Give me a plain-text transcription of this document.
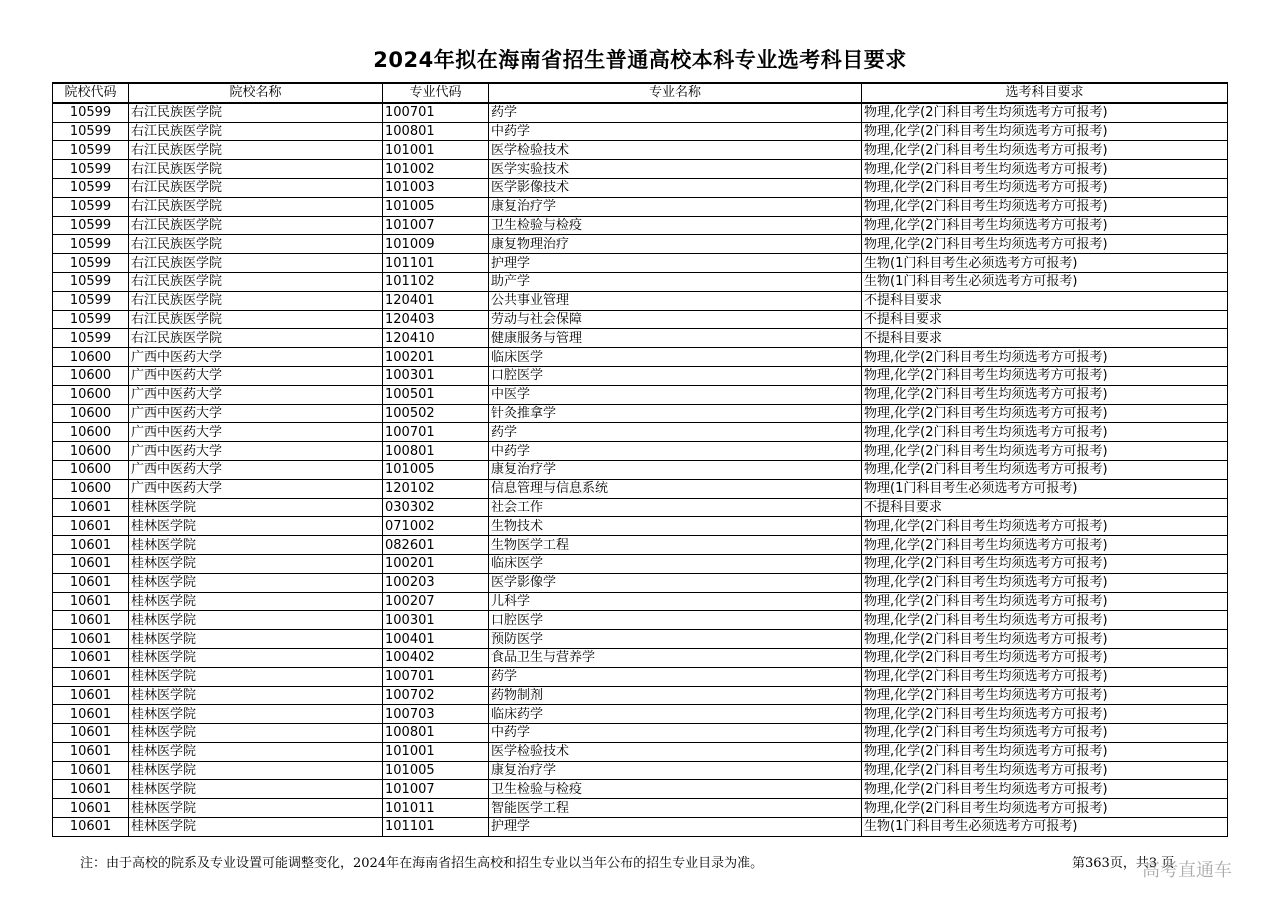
2024年拟在海南省招生普通高校本科专业选考科目要求
院校代码	院校名称	专业代码	专业名称	选考科目要求
10599	右江民族医学院	100701	药学	物理,化学(2门科目考生均须选考方可报考)
10599	右江民族医学院	100801	中药学	物理,化学(2门科目考生均须选考方可报考)
10599	右江民族医学院	101001	医学检验技术	物理,化学(2门科目考生均须选考方可报考)
10599	右江民族医学院	101002	医学实验技术	物理,化学(2门科目考生均须选考方可报考)
10599	右江民族医学院	101003	医学影像技术	物理,化学(2门科目考生均须选考方可报考)
10599	右江民族医学院	101005	康复治疗学	物理,化学(2门科目考生均须选考方可报考)
10599	右江民族医学院	101007	卫生检验与检疫	物理,化学(2门科目考生均须选考方可报考)
10599	右江民族医学院	101009	康复物理治疗	物理,化学(2门科目考生均须选考方可报考)
10599	右江民族医学院	101101	护理学	生物(1门科目考生必须选考方可报考)
10599	右江民族医学院	101102	助产学	生物(1门科目考生必须选考方可报考)
10599	右江民族医学院	120401	公共事业管理	不提科目要求
10599	右江民族医学院	120403	劳动与社会保障	不提科目要求
10599	右江民族医学院	120410	健康服务与管理	不提科目要求
10600	广西中医药大学	100201	临床医学	物理,化学(2门科目考生均须选考方可报考)
10600	广西中医药大学	100301	口腔医学	物理,化学(2门科目考生均须选考方可报考)
10600	广西中医药大学	100501	中医学	物理,化学(2门科目考生均须选考方可报考)
10600	广西中医药大学	100502	针灸推拿学	物理,化学(2门科目考生均须选考方可报考)
10600	广西中医药大学	100701	药学	物理,化学(2门科目考生均须选考方可报考)
10600	广西中医药大学	100801	中药学	物理,化学(2门科目考生均须选考方可报考)
10600	广西中医药大学	101005	康复治疗学	物理,化学(2门科目考生均须选考方可报考)
10600	广西中医药大学	120102	信息管理与信息系统	物理(1门科目考生必须选考方可报考)
10601	桂林医学院	030302	社会工作	不提科目要求
10601	桂林医学院	071002	生物技术	物理,化学(2门科目考生均须选考方可报考)
10601	桂林医学院	082601	生物医学工程	物理,化学(2门科目考生均须选考方可报考)
10601	桂林医学院	100201	临床医学	物理,化学(2门科目考生均须选考方可报考)
10601	桂林医学院	100203	医学影像学	物理,化学(2门科目考生均须选考方可报考)
10601	桂林医学院	100207	儿科学	物理,化学(2门科目考生均须选考方可报考)
10601	桂林医学院	100301	口腔医学	物理,化学(2门科目考生均须选考方可报考)
10601	桂林医学院	100401	预防医学	物理,化学(2门科目考生均须选考方可报考)
10601	桂林医学院	100402	食品卫生与营养学	物理,化学(2门科目考生均须选考方可报考)
10601	桂林医学院	100701	药学	物理,化学(2门科目考生均须选考方可报考)
10601	桂林医学院	100702	药物制剂	物理,化学(2门科目考生均须选考方可报考)
10601	桂林医学院	100703	临床药学	物理,化学(2门科目考生均须选考方可报考)
10601	桂林医学院	100801	中药学	物理,化学(2门科目考生均须选考方可报考)
10601	桂林医学院	101001	医学检验技术	物理,化学(2门科目考生均须选考方可报考)
10601	桂林医学院	101005	康复治疗学	物理,化学(2门科目考生均须选考方可报考)
10601	桂林医学院	101007	卫生检验与检疫	物理,化学(2门科目考生均须选考方可报考)
10601	桂林医学院	101011	智能医学工程	物理,化学(2门科目考生均须选考方可报考)
10601	桂林医学院	101101	护理学	生物(1门科目考生必须选考方可报考)
注：由于高校的院系及专业设置可能调整变化，2024年在海南省招生高校和招生专业以当年公布的招生专业目录为准。	第363页，共3 页
高考直通车
